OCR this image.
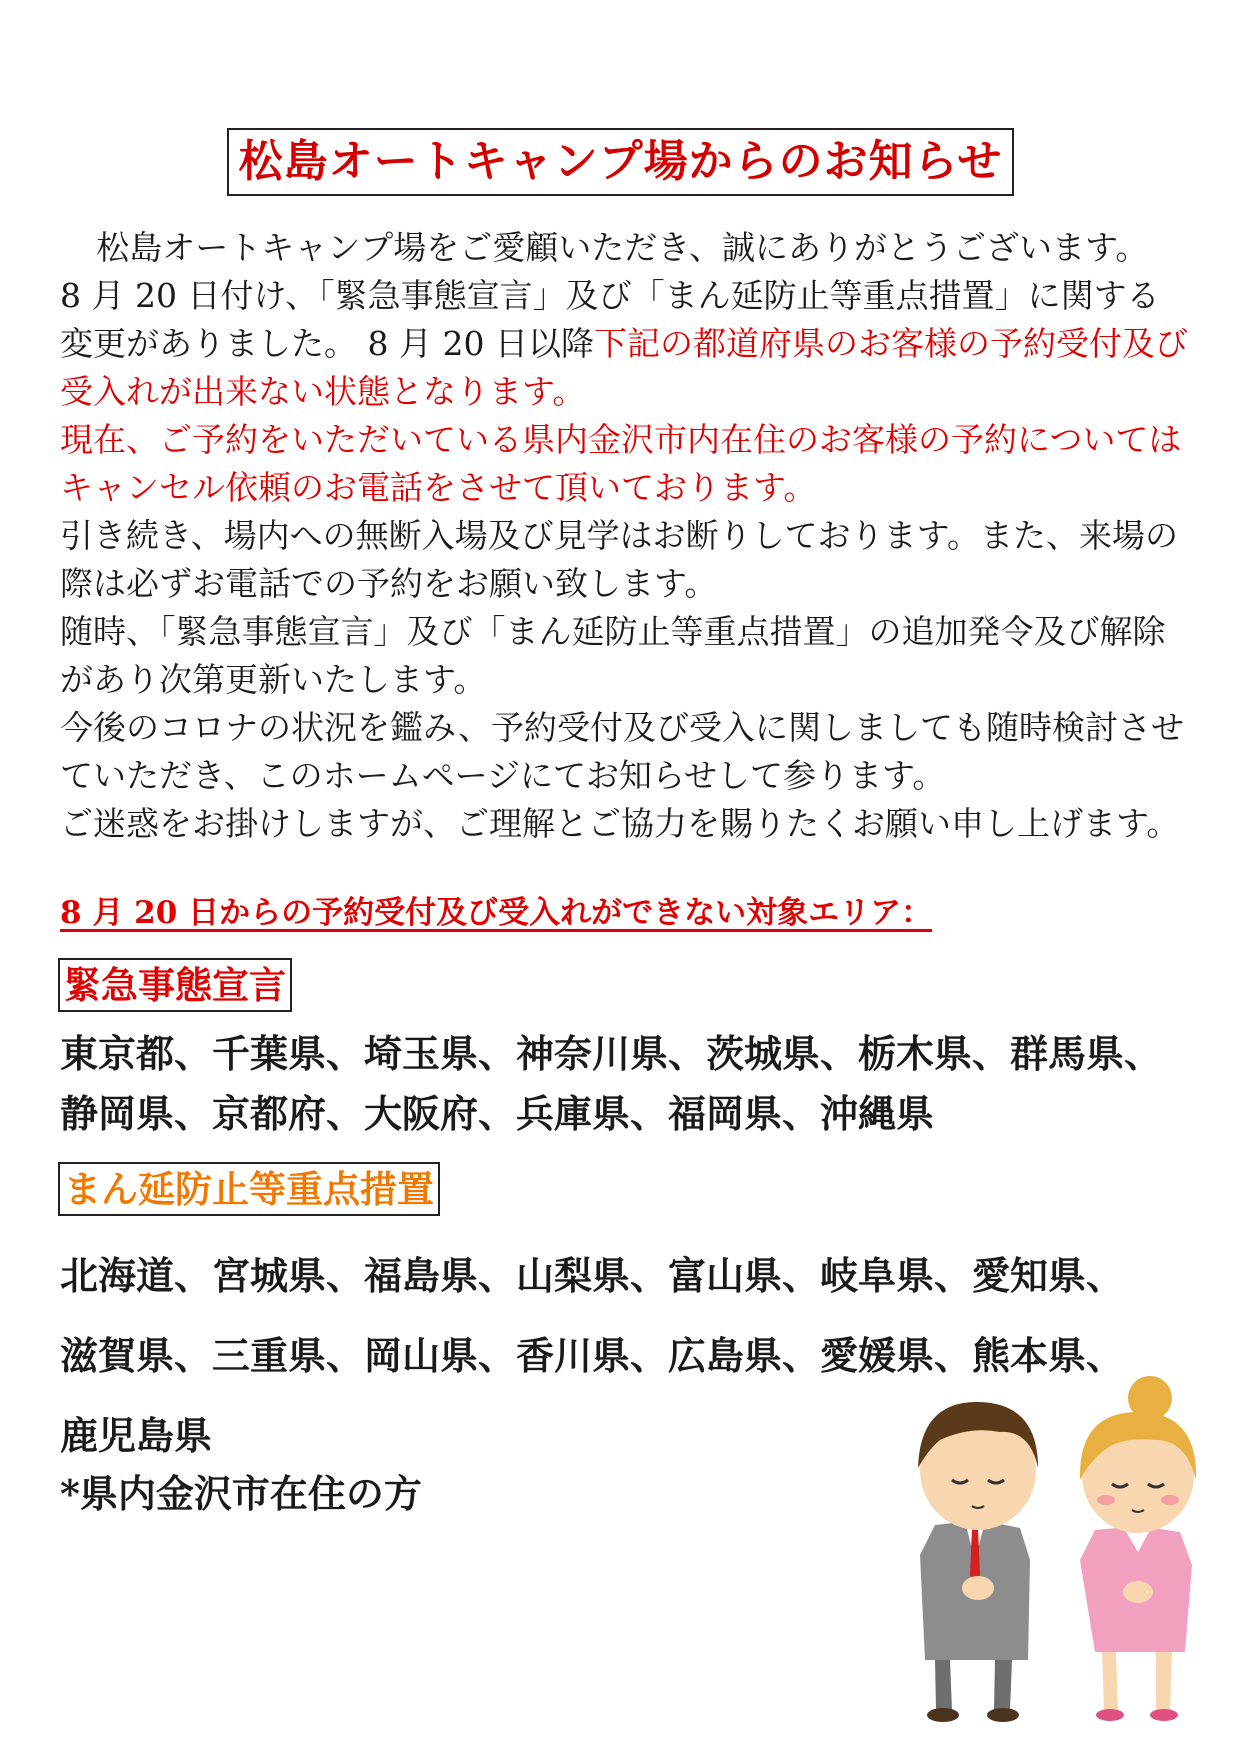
松島オートキャンプ場からのお知らせ

松島オートキャンプ場をご愛顧いただき、誠にありがとうございます。

8 月 20 日付け、「緊急事態宣言」及び「まん延防止等重点措置」に関する変更がありました。 8 月 20 日以降下記の都道府県のお客様の予約受付及び受入れが出来ない状態となります。

現在、ご予約をいただいている県内金沢市内在住のお客様の予約についてはキャンセル依頼のお電話をさせて頂いております。

引き続き、場内への無断入場及び見学はお断りしております。また、来場の際は必ずお電話での予約をお願い致します。

随時、「緊急事態宣言」及び「まん延防止等重点措置」の追加発令及び解除があり次第更新いたします。

今後のコロナの状況を鑑み、予約受付及び受入に関しましても随時検討させていただき、このホームページにてお知らせして参ります。

ご迷惑をお掛けしますが、ご理解とご協力を賜りたくお願い申し上げます。

8 月 20 日からの予約受付及び受入れができない対象エリア：
緊急事態宣言

東京都、千葉県、埼玉県、神奈川県、茨城県、栃木県、群馬県、

静岡県、京都府、大阪府、兵庫県、福岡県、沖縄県

まん延防止等重点措置

北海道、宮城県、福島県、山梨県、富山県、岐阜県、愛知県、

滋賀県、三重県、岡山県、香川県、広島県、愛媛県、熊本県、

鹿児島県

*県内金沢市在住の方
